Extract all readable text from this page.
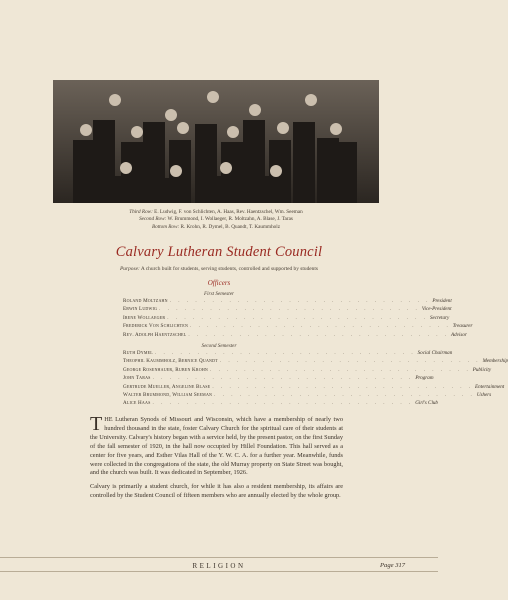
Third Row: E. Ludwig, F. von Schlichten, A. Haas, Rev. Haentzschel, Wm. Seeman
Second Row: W. Brummond, I. Wollaeger, R. Moltzahn, A. Blase, J. Taras
Bottom Row: R. Krohn, R. Dymel, B. Quandt, T. Kaummholz
Calvary Lutheran Student Council
Purpose: A church built for students, serving students, controlled and supported by students
Officers
First Semester
Roland Moltzahn . . . . . . . . . . . . . . . . . . . . . . . . . . . . . . . President
Erwin Ludwig . . . . . . . . . . . . . . . . . . . . . . . . . . . . . . . Vice-President
Irene Wollaeger . . . . . . . . . . . . . . . . . . . . . . . . . . . . . . . Secretary
Frederick Von Schlichten . . . . . . . . . . . . . . . . . . . . . . . . . . . . . . . Treasurer
Rev. Adolph Haentzschel . . . . . . . . . . . . . . . . . . . . . . . . . . . . . . . Advisor
Second Semester
Ruth Dymel . . . . . . . . . . . . . . . . . . . . . . . . . . . . . . . Social Chairman
Theophil Kaummholz, Bernice Quandt . . . . . . . . . . . . . . . . . . . . . . . . . . . . . . . Membership
George Rosenhauer, Ruben Krohn . . . . . . . . . . . . . . . . . . . . . . . . . . . . . . . Publicity
John Taras . . . . . . . . . . . . . . . . . . . . . . . . . . . . . . . Program
Gertrude Mueller, Angeline Blase . . . . . . . . . . . . . . . . . . . . . . . . . . . . . . . Entertainment
Walter Brummond, William Seeman . . . . . . . . . . . . . . . . . . . . . . . . . . . . . . . Ushers
Alice Haas . . . . . . . . . . . . . . . . . . . . . . . . . . . . . . . Girl's Club

THE Lutheran Synods of Missouri and Wisconsin, which have a membership of nearly two hundred thousand in the state, foster Calvary Church for the spiritual care of their students at the University. Calvary's history began with a service held, by the present pastor, on the first Sunday of the fall semester of 1920, in the hall now occupied by Hillel Foundation. This hall served as a center for five years, and Esther Vilas Hall of the Y. W. C. A. for a further year. Meanwhile, funds were collected in the congregations of the state, the old Murray property on State Street was bought, and the church was built. It was dedicated in September, 1926.

Calvary is primarily a student church, for while it has also a resident membership, its affairs are controlled by the Student Council of fifteen members who are annually elected by the whole group.

RELIGION	Page 317
